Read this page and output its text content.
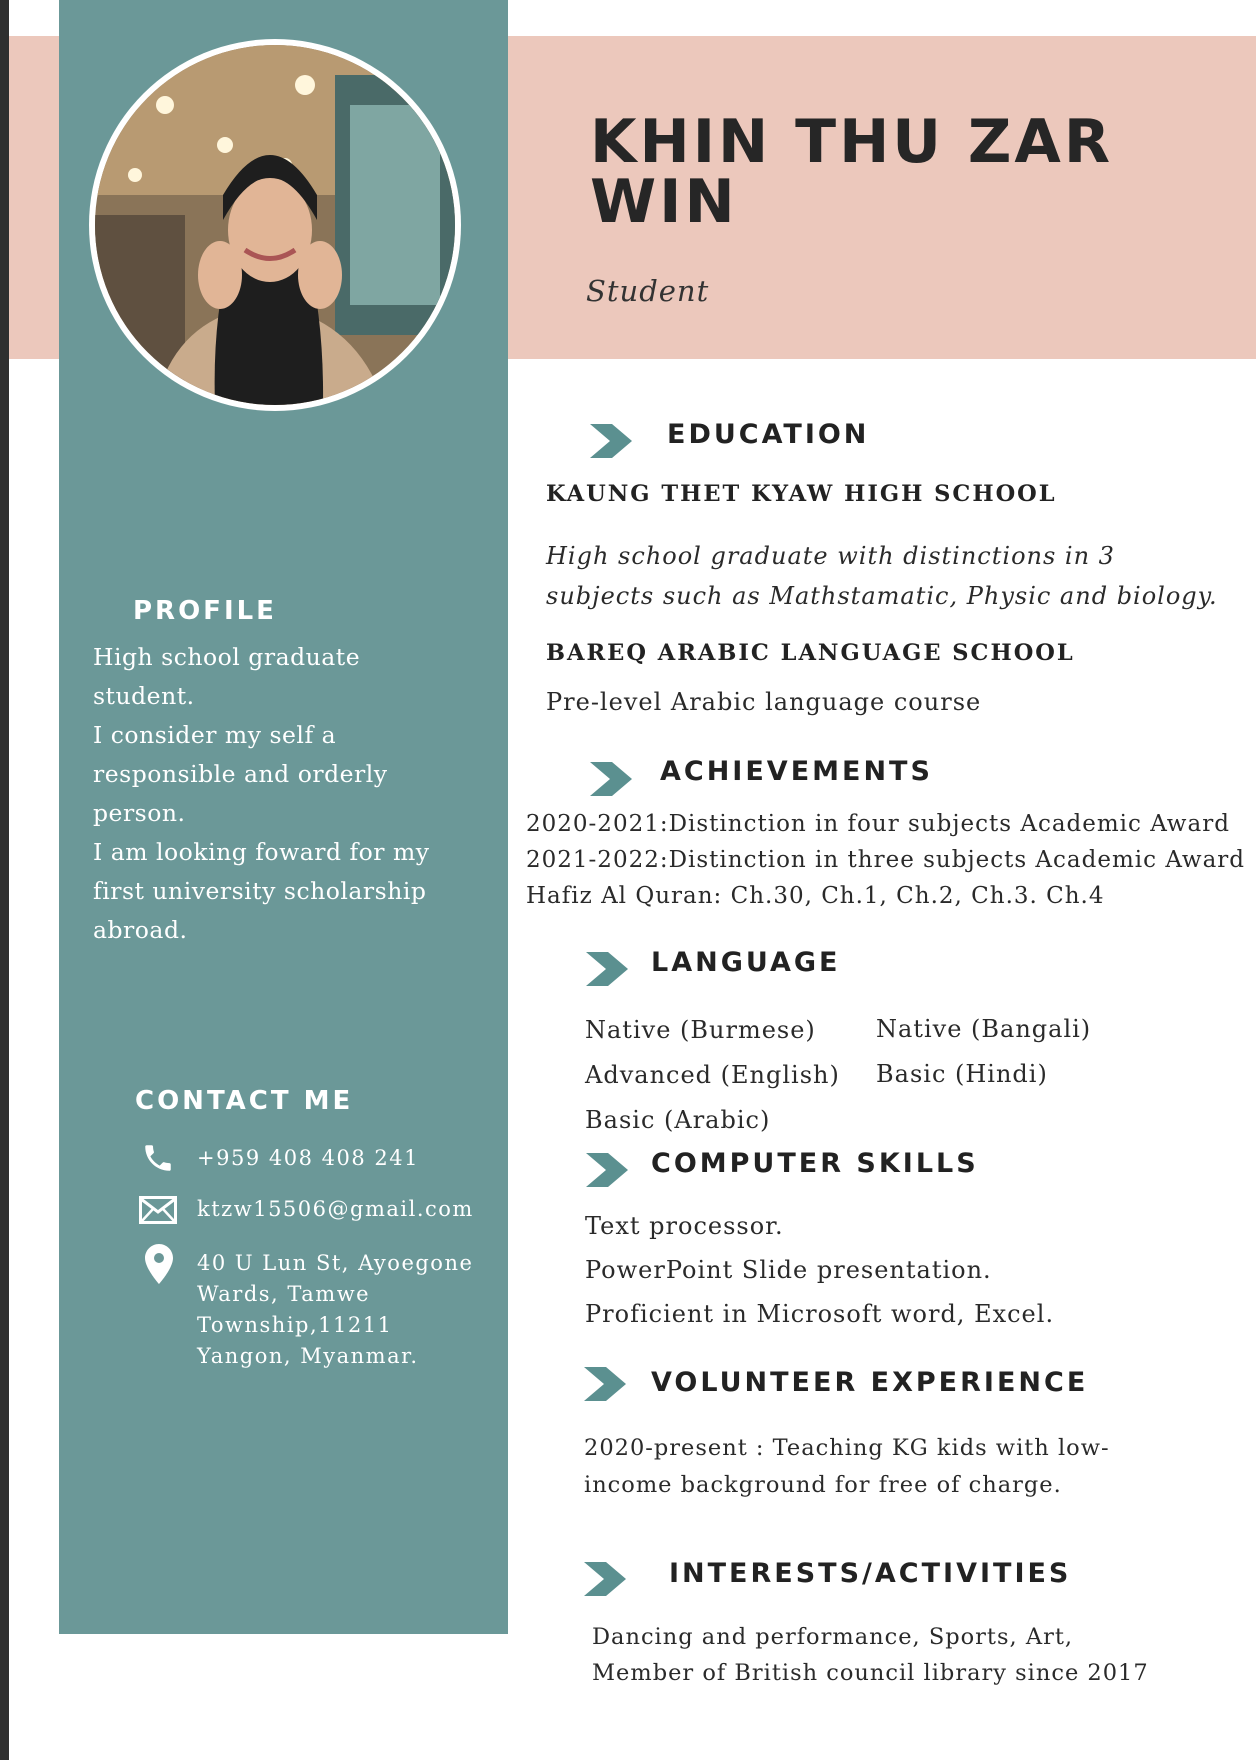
KHIN THU ZAR
WIN
Student
PROFILE
High school graduate
student.
I consider my self a
responsible and orderly
person.
I am looking foward for my
first university scholarship
abroad.
CONTACT ME
+959 408 408 241
ktzw15506@gmail.com
40 U Lun St, Ayoegone
Wards, Tamwe
Township,11211
Yangon, Myanmar.
EDUCATION
KAUNG THET KYAW HIGH SCHOOL
High school graduate with distinctions in 3
subjects such as Mathstamatic, Physic and biology.
BAREQ ARABIC LANGUAGE SCHOOL
Pre-level Arabic language course
ACHIEVEMENTS
2020-2021:Distinction in four subjects Academic Award
2021-2022:Distinction in three subjects Academic Award
Hafiz Al Quran: Ch.30, Ch.1, Ch.2, Ch.3. Ch.4
LANGUAGE
Native (Burmese)
Advanced (English)
Basic (Arabic)
Native (Bangali)
Basic (Hindi)
COMPUTER SKILLS
Text processor.
PowerPoint Slide presentation.
Proficient in Microsoft word, Excel.
VOLUNTEER EXPERIENCE
2020-present : Teaching KG kids with low-
income background for free of charge.
INTERESTS/ACTIVITIES
Dancing and performance, Sports, Art,
Member of British council library since 2017
